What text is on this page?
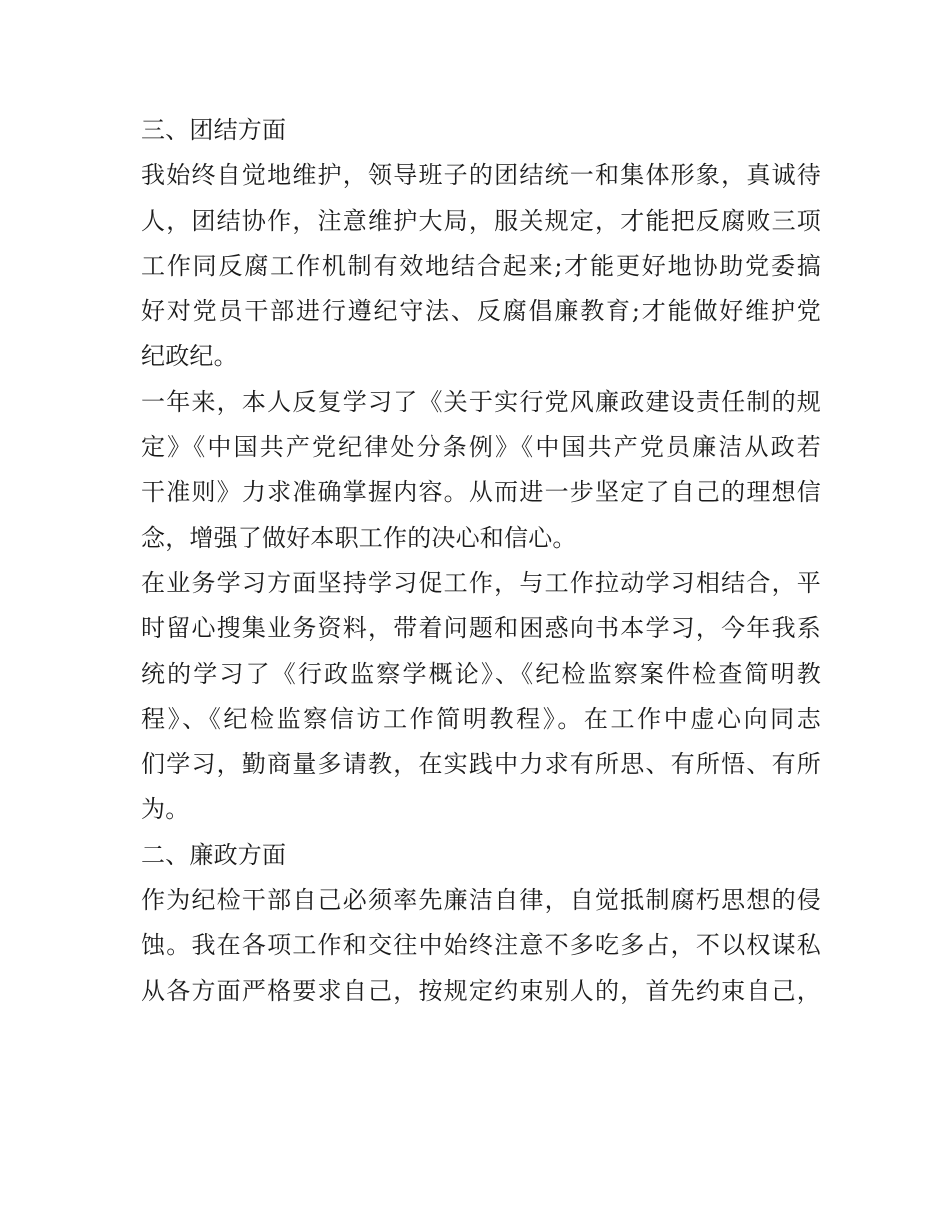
三、团结方面

我始终自觉地维护，领导班子的团结统一和集体形象，真诚待
人，团结协作，注意维护大局，服关规定，才能把反腐败三项
工作同反腐工作机制有效地结合起来;才能更好地协助党委搞
好对党员干部进行遵纪守法、反腐倡廉教育;才能做好维护党
纪政纪。

一年来，本人反复学习了《关于实行党风廉政建设责任制的规
定》《中国共产党纪律处分条例》《中国共产党员廉洁从政若
干准则》力求准确掌握内容。从而进一步坚定了自己的理想信
念，增强了做好本职工作的决心和信心。

在业务学习方面坚持学习促工作，与工作拉动学习相结合，平
时留心搜集业务资料，带着问题和困惑向书本学习，今年我系
统的学习了《行政监察学概论》、《纪检监察案件检查简明教
程》、《纪检监察信访工作简明教程》。在工作中虚心向同志
们学习，勤商量多请教，在实践中力求有所思、有所悟、有所
为。

二、廉政方面

作为纪检干部自己必须率先廉洁自律，自觉抵制腐朽思想的侵
蚀。我在各项工作和交往中始终注意不多吃多占，不以权谋私
从各方面严格要求自己，按规定约束别人的，首先约束自己，
